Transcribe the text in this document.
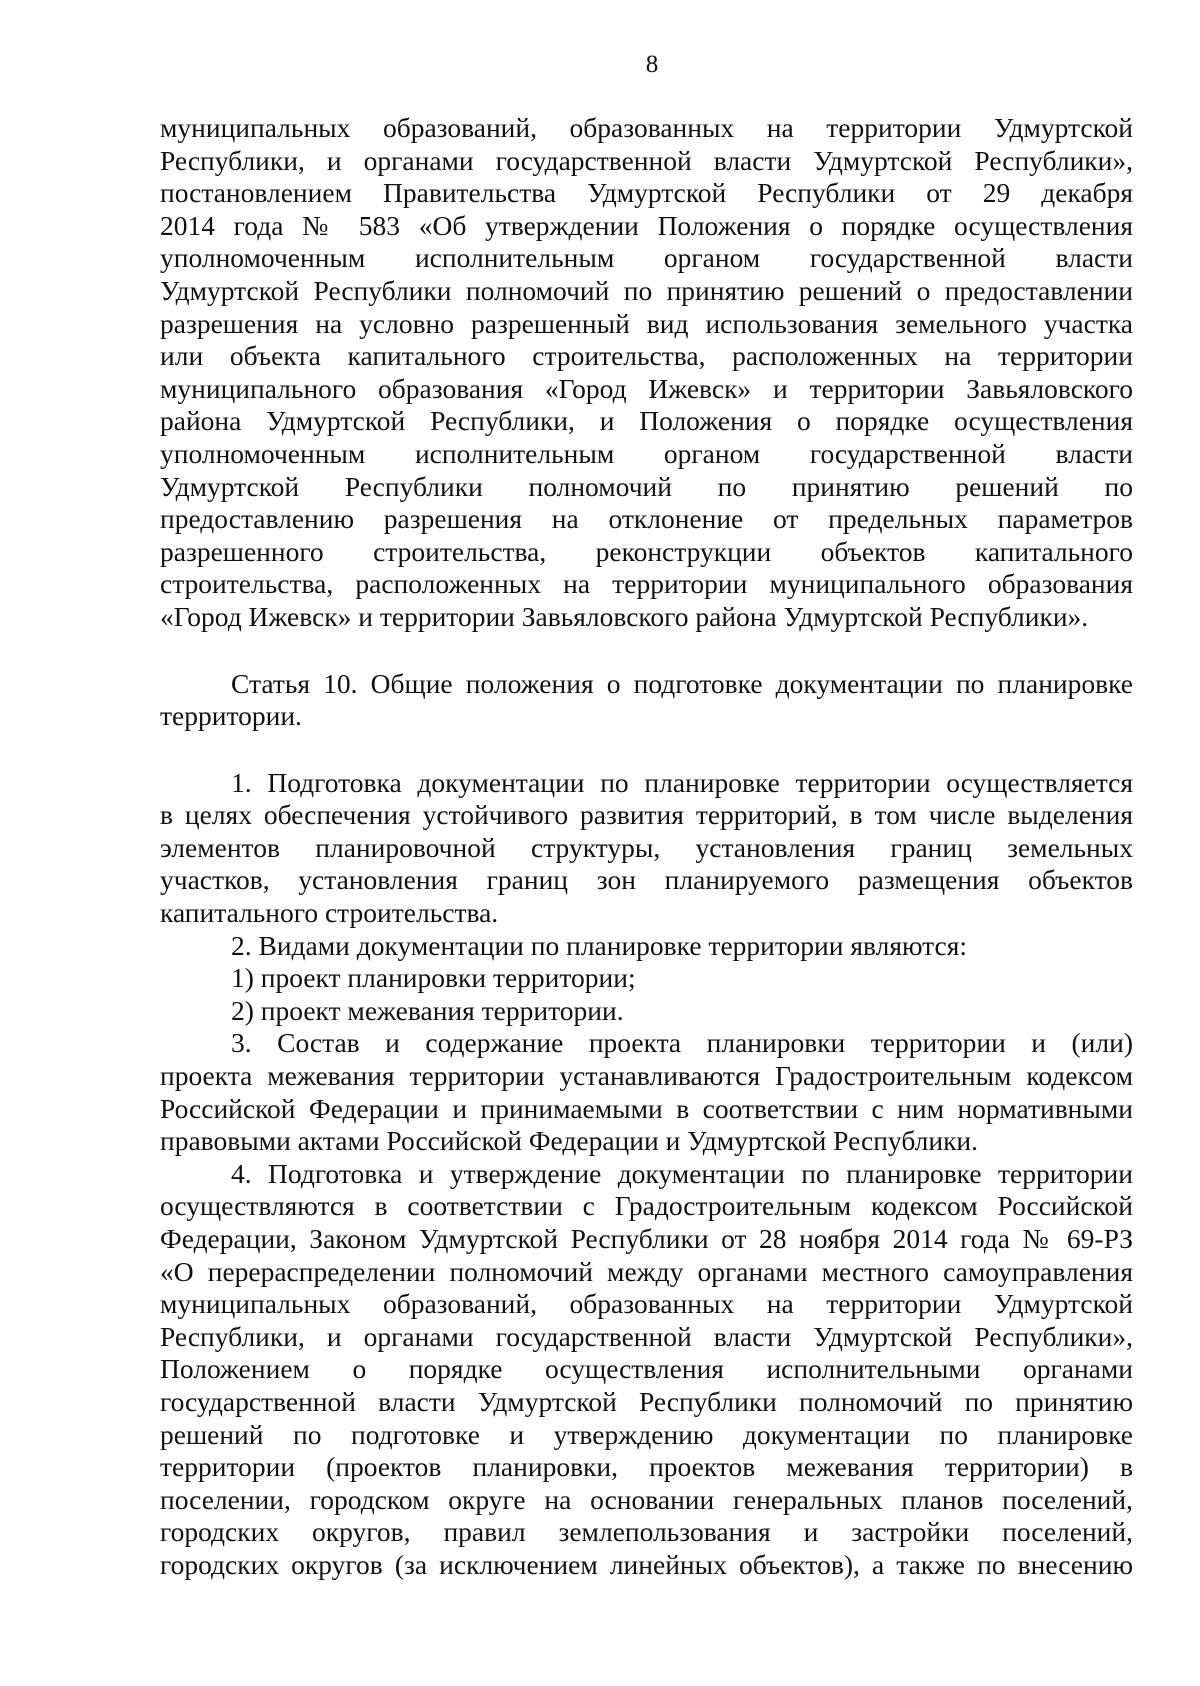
8
муниципальных образований, образованных на территории Удмуртской
Республики, и органами государственной власти Удмуртской Республики»,
постановлением Правительства Удмуртской Республики от 29 декабря
2014 года № 583 «Об утверждении Положения о порядке осуществления
уполномоченным исполнительным органом государственной власти
Удмуртской Республики полномочий по принятию решений о предоставлении
разрешения на условно разрешенный вид использования земельного участка
или объекта капитального строительства, расположенных на территории
муниципального образования «Город Ижевск» и территории Завьяловского
района Удмуртской Республики, и Положения о порядке осуществления
уполномоченным исполнительным органом государственной власти
Удмуртской Республики полномочий по принятию решений по
предоставлению разрешения на отклонение от предельных параметров
разрешенного строительства, реконструкции объектов капитального
строительства, расположенных на территории муниципального образования
«Город Ижевск» и территории Завьяловского района Удмуртской Республики».
Статья 10. Общие положения о подготовке документации по планировке
территории.
1. Подготовка документации по планировке территории осуществляется
в целях обеспечения устойчивого развития территорий, в том числе выделения
элементов планировочной структуры, установления границ земельных
участков, установления границ зон планируемого размещения объектов
капитального строительства.
2. Видами документации по планировке территории являются:
1) проект планировки территории;
2) проект межевания территории.
3. Состав и содержание проекта планировки территории и (или)
проекта межевания территории устанавливаются Градостроительным кодексом
Российской Федерации и принимаемыми в соответствии с ним нормативными
правовыми актами Российской Федерации и Удмуртской Республики.
4. Подготовка и утверждение документации по планировке территории
осуществляются в соответствии с Градостроительным кодексом Российской
Федерации, Законом Удмуртской Республики от 28 ноября 2014 года № 69-РЗ
«О перераспределении полномочий между органами местного самоуправления
муниципальных образований, образованных на территории Удмуртской
Республики, и органами государственной власти Удмуртской Республики»,
Положением о порядке осуществления исполнительными органами
государственной власти Удмуртской Республики полномочий по принятию
решений по подготовке и утверждению документации по планировке
территории (проектов планировки, проектов межевания территории) в
поселении, городском округе на основании генеральных планов поселений,
городских округов, правил землепользования и застройки поселений,
городских округов (за исключением линейных объектов), а также по внесению
